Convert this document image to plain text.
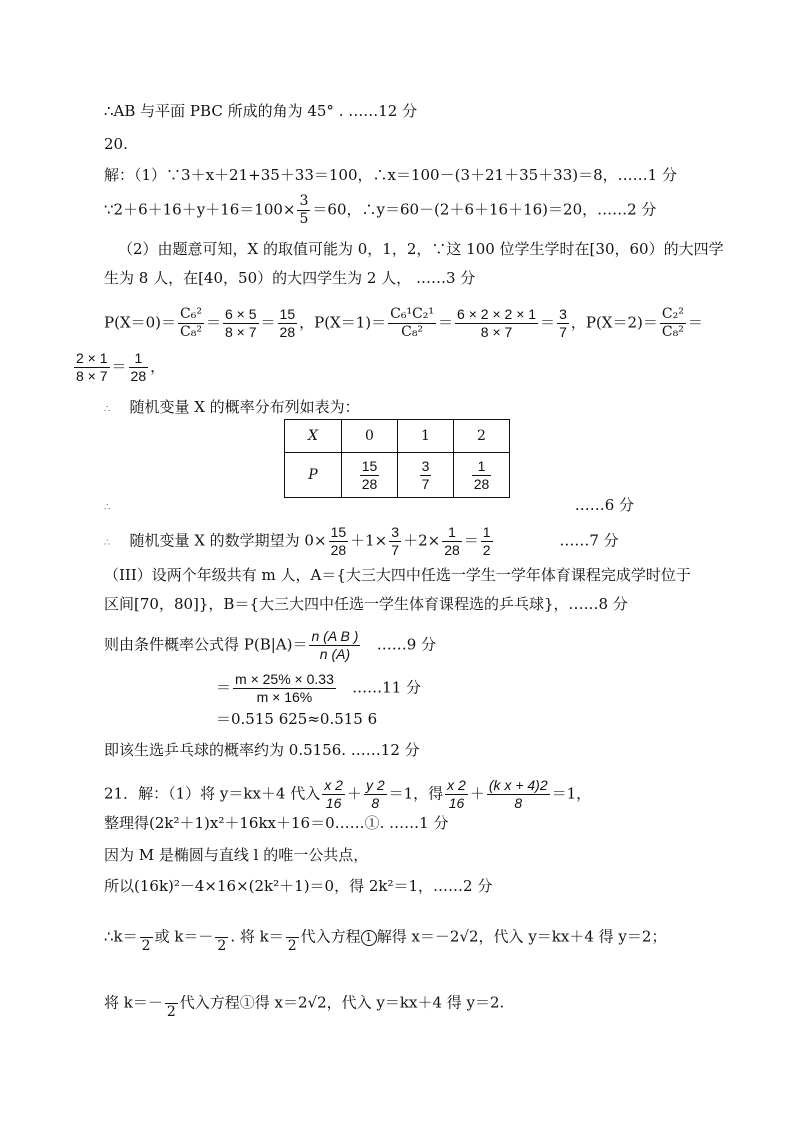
∴AB 与平面 PBC 所成的角为 45° . ……12 分
20.
解：（1）∵3＋x＋21+35＋33＝100，∴x＝100－(3＋21＋35＋33)＝8，……1 分
∵2＋6＋16＋y＋16＝100× $\frac{3}{5} =60$，∴y＝60－(2＋6＋16＋16)＝20，……2 分
（2）由题意可知，X 的取值可能为 0，1，2，∵这 100 位学生学时在[30，60）的大四学
生为 8 人，在[40，50）的大四学生为 2 人， ……3 分
$P(X=0)= \frac{\text{C₆²}}{\text{C₈²}} = \frac{6 \times 5}{8 \times 7} = \frac{15}{28}$ ，$P(X=1)= \frac{\text{C₆¹C₂¹}}{\text{C₈²}} = \frac{6 \times 2 \times 2 \times 1}{8 \times 7} = \frac{3}{7}$ ，$P(X=2)= \frac{\text{C₂²}}{\text{C₈²}}$ ＝
$\frac{2 \times 1}{8 \times 7} = \frac{1}{28}$ ，
∴ 随机变量 X 的概率分布列如表为：
X	0	1	2
P	$\frac{15}{28}$	$\frac{3}{7}$	$\frac{1}{28}$
∴	……6 分
∴ 随机变量 X 的数学期望为 $0\times \frac{15}{28} +1\times \frac{3}{7} +2\times \frac{1}{28} = \frac{1}{2}$	……7 分
（III）设两个年级共有 m 人，A＝{大三大四中任选一学生一学年体育课程完成学时位于
区间[70，80]}，B＝{大三大四中任选一学生体育课程选的乒乓球}，……8 分
则由条件概率公式得 $P(B|A)= \frac{\text{n (A B )}}{n (A)}$ ……9 分
＝ $\frac{m \times 25\% \times 0.33}{m \times 16\%}$ ……11 分
＝0.515 625≈0.515 6
即该生选乒乓球的概率约为 0.5156. ……12 分
21．解：（1）将 y＝kx＋4 代入 $\frac{x 2}{16} + \frac{y 2}{8} =1$，得 $\frac{x 2}{16} + \frac{\text{(k x + 4)2}}{8} =1$，
整理得(2k²＋1)x²＋16kx＋16＝0……①. ……1 分
因为 M 是椭圆与直线 l 的唯一公共点，
所以(16k)²－4×16×(2k²＋1)＝0，得 2k²＝1，……2 分
∴k＝

2
或 k＝－

2
. 将 k＝

2
代入方程 1 解得 x＝－2√2，代入 y＝kx＋4 得 y＝2；
将 k＝－

2
代入方程①得 x＝2√2，代入 y＝kx＋4 得 y＝2.
